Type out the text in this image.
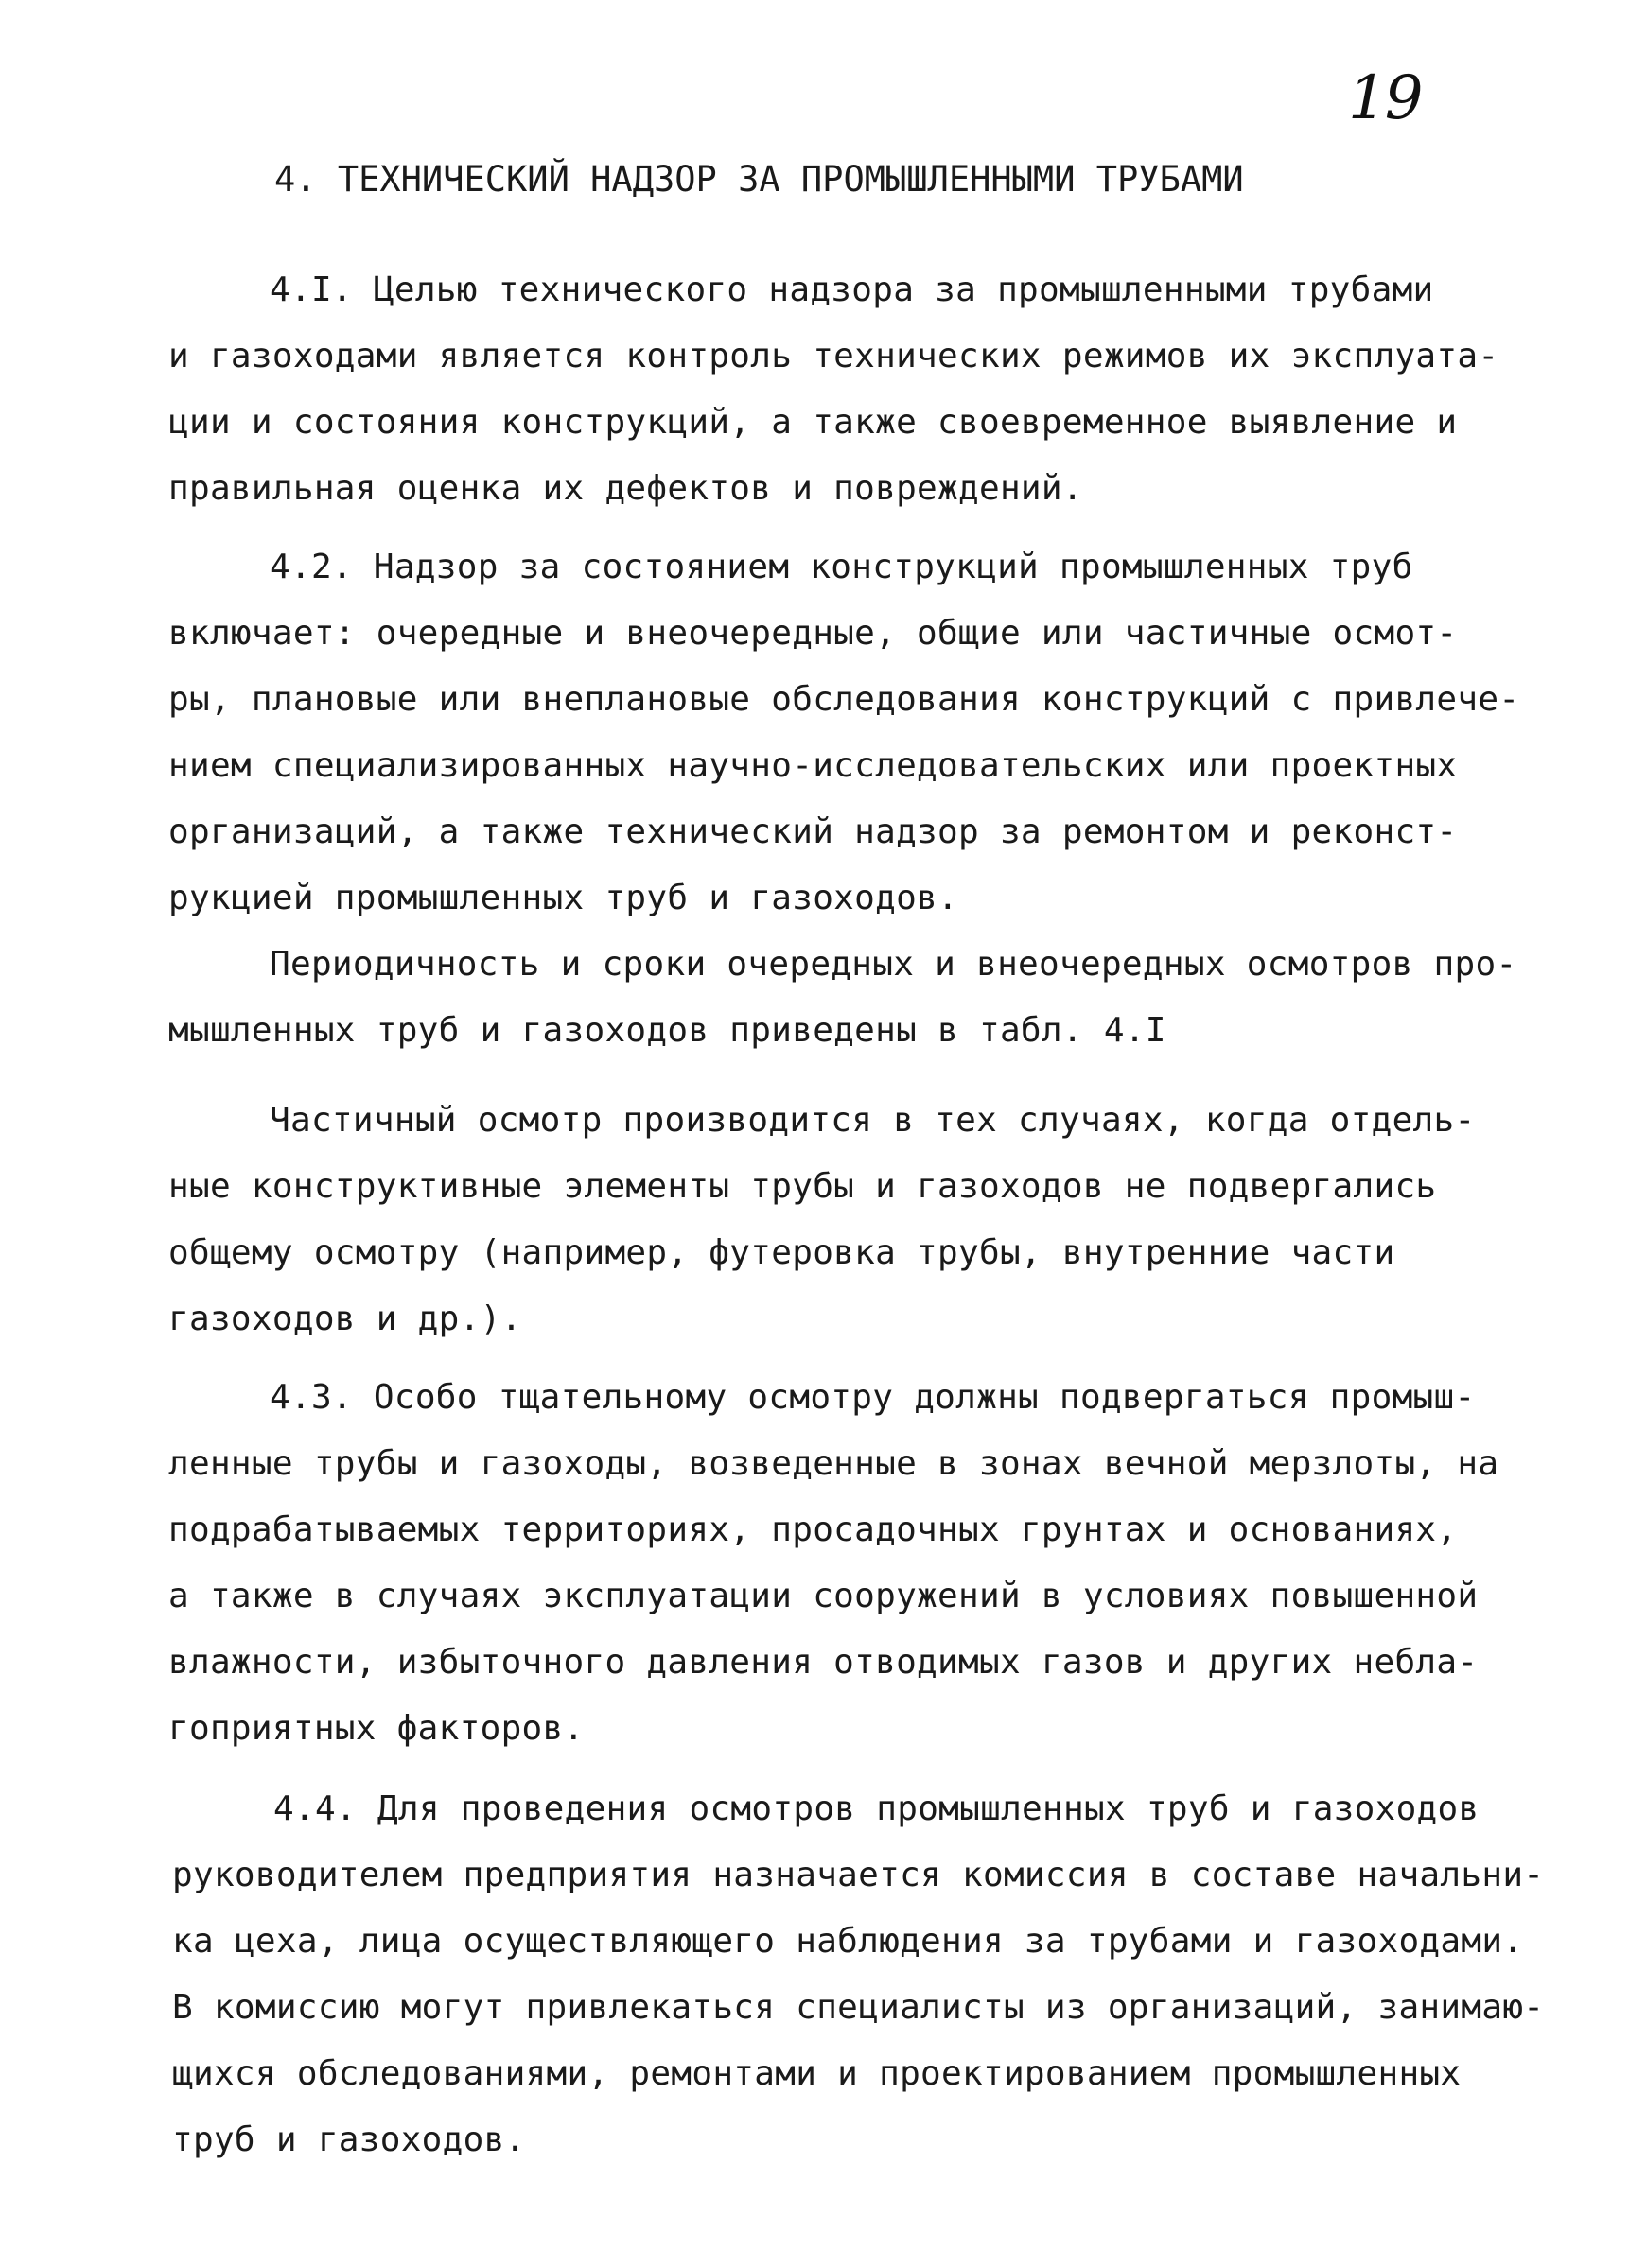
19
4. ТЕХНИЧЕСКИЙ НАДЗОР ЗА ПРОМЫШЛЕННЫМИ ТРУБАМИ
4.I. Целью технического надзора за промышленными трубами
и газоходами является контроль технических режимов их эксплуата-
ции и состояния конструкций, а также своевременное выявление и
правильная оценка их дефектов и повреждений.
4.2. Надзор за состоянием конструкций промышленных труб
включает: очередные и внеочередные, общие или частичные осмот-
ры, плановые или внеплановые обследования конструкций с привлече-
нием специализированных научно-исследовательских или проектных
организаций, а также технический надзор за ремонтом и реконст-
рукцией промышленных труб и газоходов.
Периодичность и сроки очередных и внеочередных осмотров про-
мышленных труб и газоходов приведены в табл. 4.I
Частичный осмотр производится в тех случаях, когда отдель-
ные конструктивные элементы трубы и газоходов не подвергались
общему осмотру (например, футеровка трубы, внутренние части
газоходов и др.).
4.3. Особо тщательному осмотру должны подвергаться промыш-
ленные трубы и газоходы, возведенные в зонах вечной мерзлоты, на
подрабатываемых территориях, просадочных грунтах и основаниях,
а также в случаях эксплуатации сооружений в условиях повышенной
влажности, избыточного давления отводимых газов и других небла-
гоприятных факторов.
4.4. Для проведения осмотров промышленных труб и газоходов
руководителем предприятия назначается комиссия в составе начальни-
ка цеха, лица осуществляющего наблюдения за трубами и газоходами.
В комиссию могут привлекаться специалисты из организаций, занимаю-
щихся обследованиями, ремонтами и проектированием промышленных
труб и газоходов.
